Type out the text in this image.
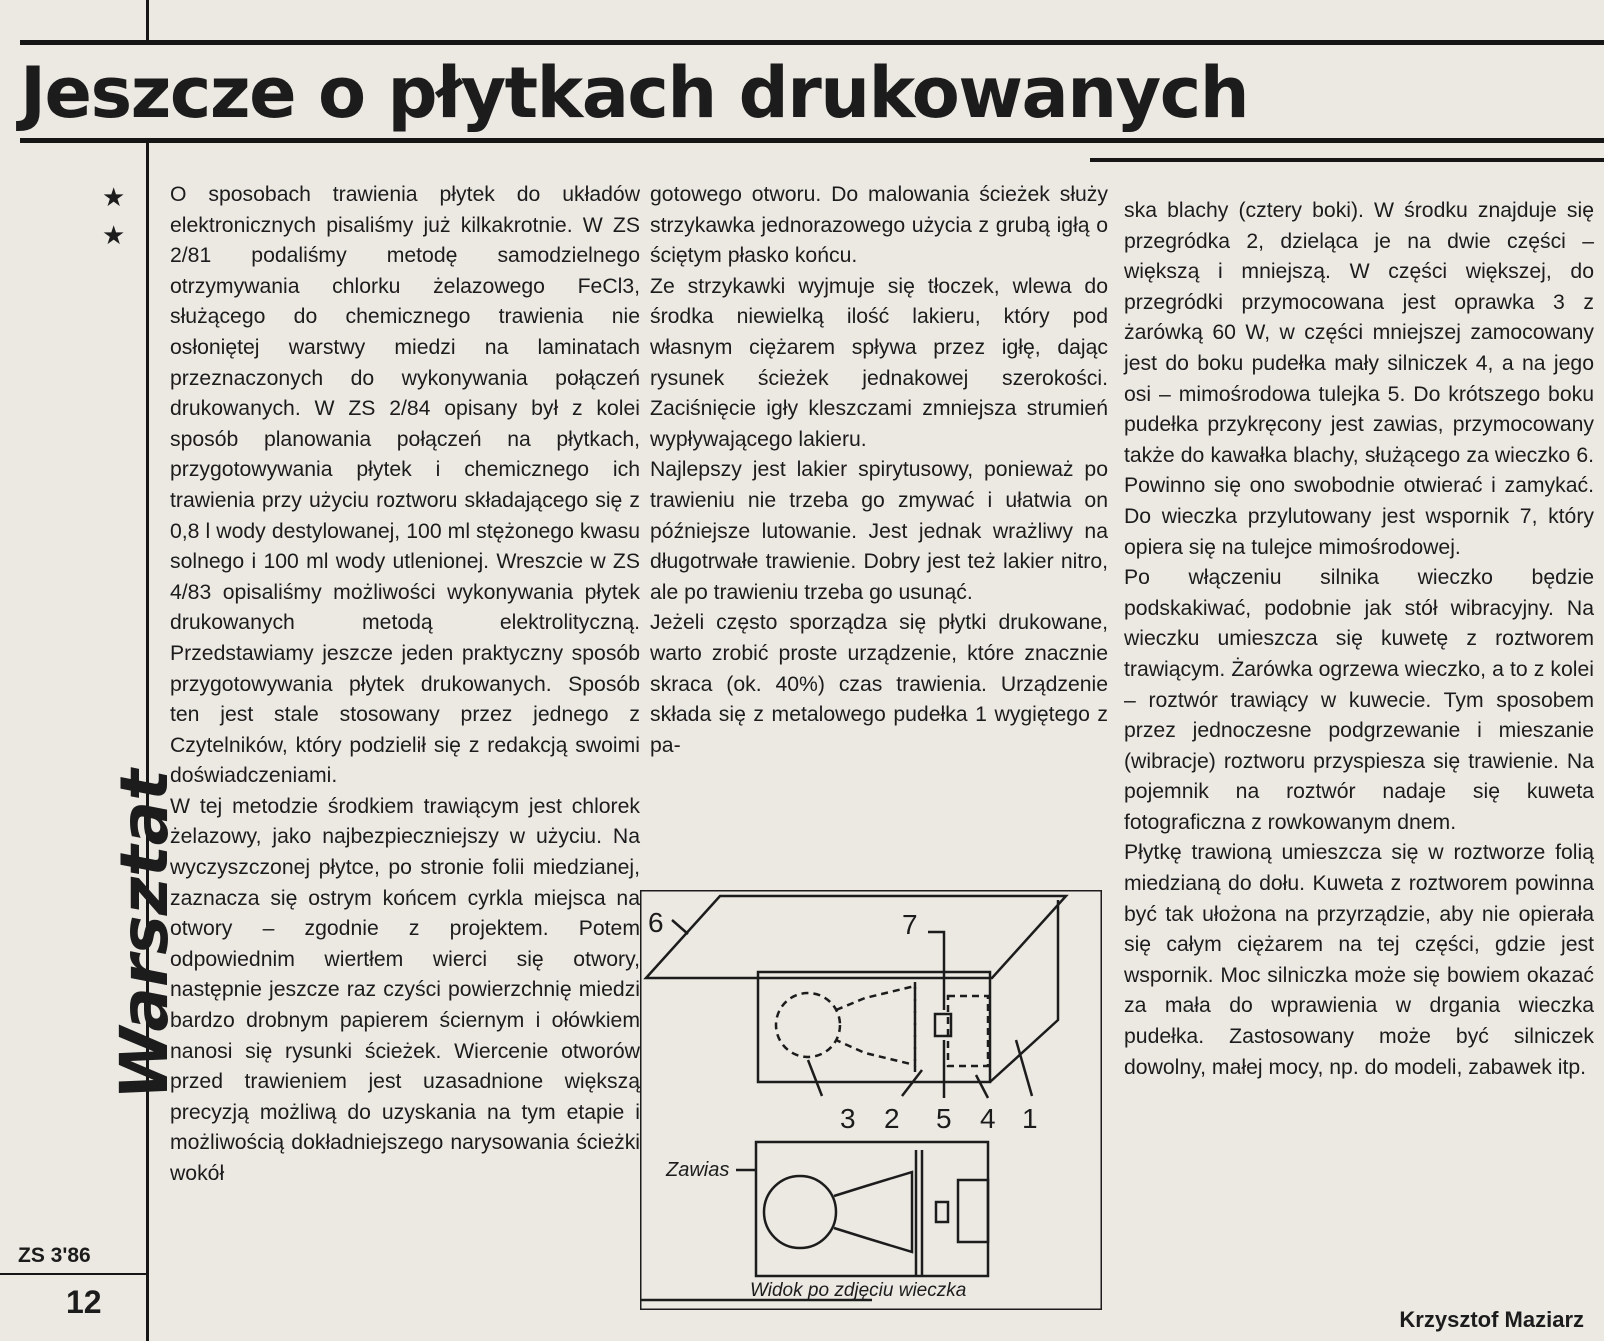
Jeszcze o płytkach drukowanych
★
★
Warsztat
ZS 3'86
12

O sposobach trawienia płytek do układów elektronicznych pisaliśmy już kilkakrotnie. W ZS 2/81 podaliśmy metodę samodzielnego otrzymywania chlorku żelazowego FeCl3, służącego do chemicznego trawienia nie osłoniętej warstwy miedzi na laminatach przeznaczonych do wykonywania połączeń drukowanych. W ZS 2/84 opisany był z kolei sposób planowania połączeń na płytkach, przygotowywania płytek i chemicznego ich trawienia przy użyciu roztworu składającego się z 0,8 l wody destylowanej, 100 ml stężonego kwasu solnego i 100 ml wody utlenionej. Wreszcie w ZS 4/83 opisaliśmy możliwości wykonywania płytek drukowanych metodą elektrolityczną. Przedstawiamy jeszcze jeden praktyczny sposób przygotowywania płytek drukowanych. Sposób ten jest stale stosowany przez jednego z Czytelników, który podzielił się z redakcją swoimi doświadczeniami.

W tej metodzie środkiem trawiącym jest chlorek żelazowy, jako najbezpieczniejszy w użyciu. Na wyczyszczonej płytce, po stronie folii miedzianej, zaznacza się ostrym końcem cyrkla miejsca na otwory – zgodnie z projektem. Potem odpowiednim wiertłem wierci się otwory, następnie jeszcze raz czyści powierzchnię miedzi bardzo drobnym papierem ściernym i ołówkiem nanosi się rysunki ścieżek. Wiercenie otworów przed trawieniem jest uzasadnione większą precyzją możliwą do uzyskania na tym etapie i możliwością dokładniejszego narysowania ścieżki wokół

gotowego otworu. Do malowania ścieżek służy strzykawka jednorazowego użycia z grubą igłą o ściętym płasko końcu.

Ze strzykawki wyjmuje się tłoczek, wlewa do środka niewielką ilość lakieru, który pod własnym ciężarem spływa przez igłę, dając rysunek ścieżek jednakowej szerokości. Zaciśnięcie igły kleszczami zmniejsza strumień wypływającego lakieru.

Najlepszy jest lakier spirytusowy, ponieważ po trawieniu nie trzeba go zmywać i ułatwia on późniejsze lutowanie. Jest jednak wrażliwy na długotrwałe trawienie. Dobry jest też lakier nitro, ale po trawieniu trzeba go usunąć.

Jeżeli często sporządza się płytki drukowane, warto zrobić proste urządzenie, które znacznie skraca (ok. 40%) czas trawienia. Urządzenie składa się z metalowego pudełka 1 wygiętego z pa-

ska blachy (cztery boki). W środku znajduje się przegródka 2, dzieląca je na dwie części – większą i mniejszą. W części większej, do przegródki przymocowana jest oprawka 3 z żarówką 60 W, w części mniejszej zamocowany jest do boku pudełka mały silniczek 4, a na jego osi – mimośrodowa tulejka 5. Do krótszego boku pudełka przykręcony jest zawias, przymocowany także do kawałka blachy, służącego za wieczko 6. Powinno się ono swobodnie otwierać i zamykać. Do wieczka przylutowany jest wspornik 7, który opiera się na tulejce mimośrodowej.

Po włączeniu silnika wieczko będzie podskakiwać, podobnie jak stół wibracyjny. Na wieczku umieszcza się kuwetę z roztworem trawiącym. Żarówka ogrzewa wieczko, a to z kolei – roztwór trawiący w kuwecie. Tym sposobem przez jednoczesne podgrzewanie i mieszanie (wibracje) roztworu przyspiesza się trawienie. Na pojemnik na roztwór nadaje się kuweta fotograficzna z rowkowanym dnem.

Płytkę trawioną umieszcza się w roztworze folią miedzianą do dołu. Kuweta z roztworem powinna być tak ułożona na przyrządzie, aby nie opierała się całym ciężarem na tej części, gdzie jest wspornik. Moc silniczka może się bowiem okazać za mała do wprawienia w drgania wieczka pudełka. Zastosowany może być silniczek dowolny, małej mocy, np. do modeli, zabawek itp.

6	7
3 2 5 4 1
Zawias
Widok po zdjęciu wieczka
Krzysztof Maziarz
